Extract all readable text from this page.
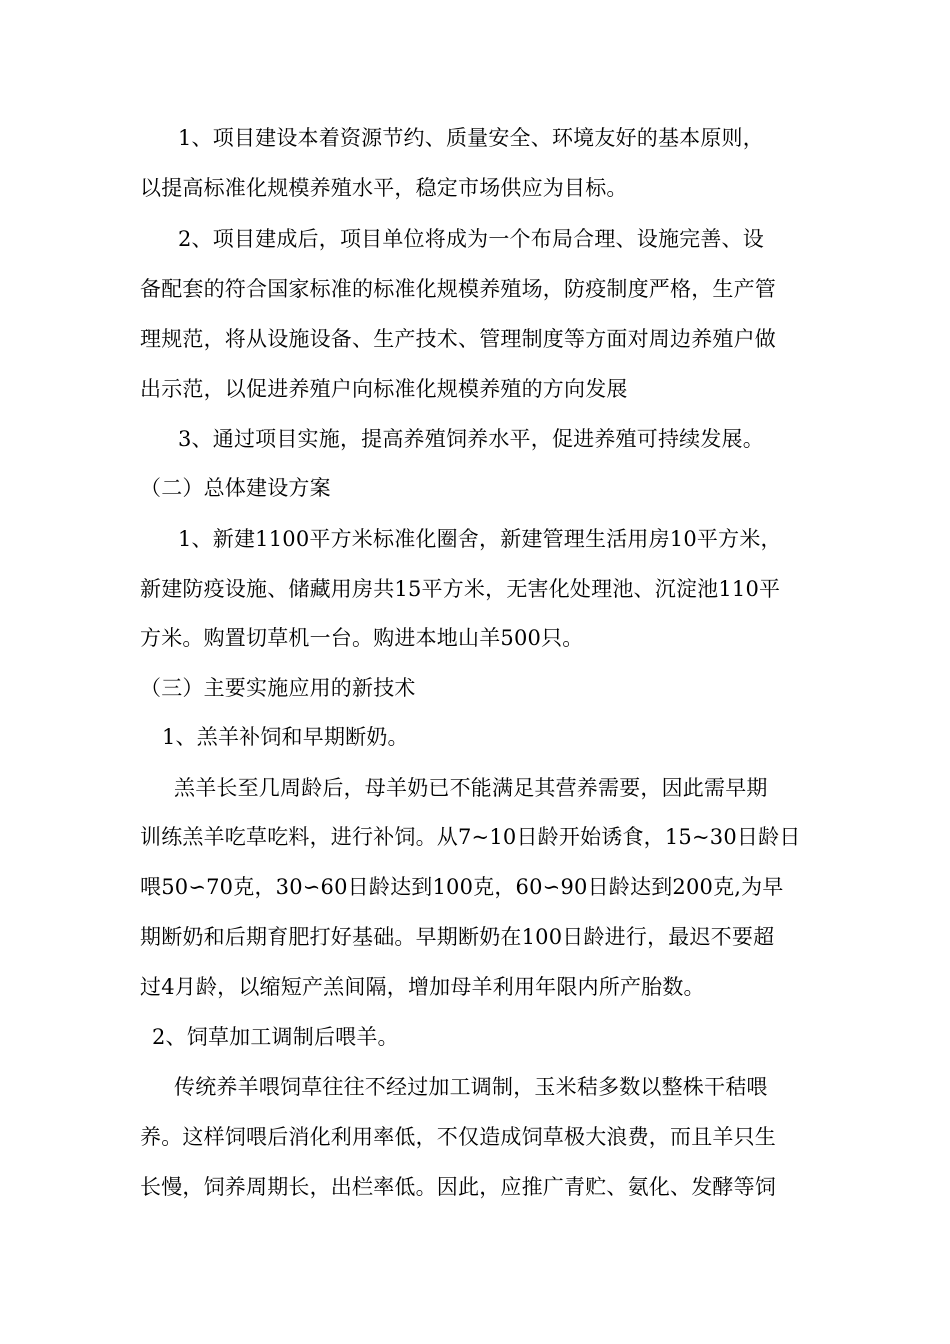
1、项目建设本着资源节约、质量安全、环境友好的基本原则，
以提高标准化规模养殖水平，稳定市场供应为目标。
2、项目建成后，项目单位将成为一个布局合理、设施完善、设
备配套的符合国家标准的标准化规模养殖场，防疫制度严格，生产管
理规范，将从设施设备、生产技术、管理制度等方面对周边养殖户做
出示范，以促进养殖户向标准化规模养殖的方向发展
3、通过项目实施，提高养殖饲养水平，促进养殖可持续发展。
（二）总体建设方案
1、新建1100平方米标准化圈舍，新建管理生活用房10平方米，
新建防疫设施、储藏用房共15平方米，无害化处理池、沉淀池110平
方米。购置切草机一台。购进本地山羊500只。
（三）主要实施应用的新技术
1、羔羊补饲和早期断奶。
羔羊长至几周龄后，母羊奶已不能满足其营养需要，因此需早期
训练羔羊吃草吃料，进行补饲。从7~10日龄开始诱食，15~30日龄日
喂50∽70克，30∽60日龄达到100克，60∽90日龄达到200克,为早
期断奶和后期育肥打好基础。早期断奶在100日龄进行，最迟不要超
过4月龄，以缩短产羔间隔，增加母羊利用年限内所产胎数。
2、饲草加工调制后喂羊。
传统养羊喂饲草往往不经过加工调制，玉米秸多数以整株干秸喂
养。这样饲喂后消化利用率低，不仅造成饲草极大浪费，而且羊只生
长慢，饲养周期长，出栏率低。因此，应推广青贮、氨化、发酵等饲
